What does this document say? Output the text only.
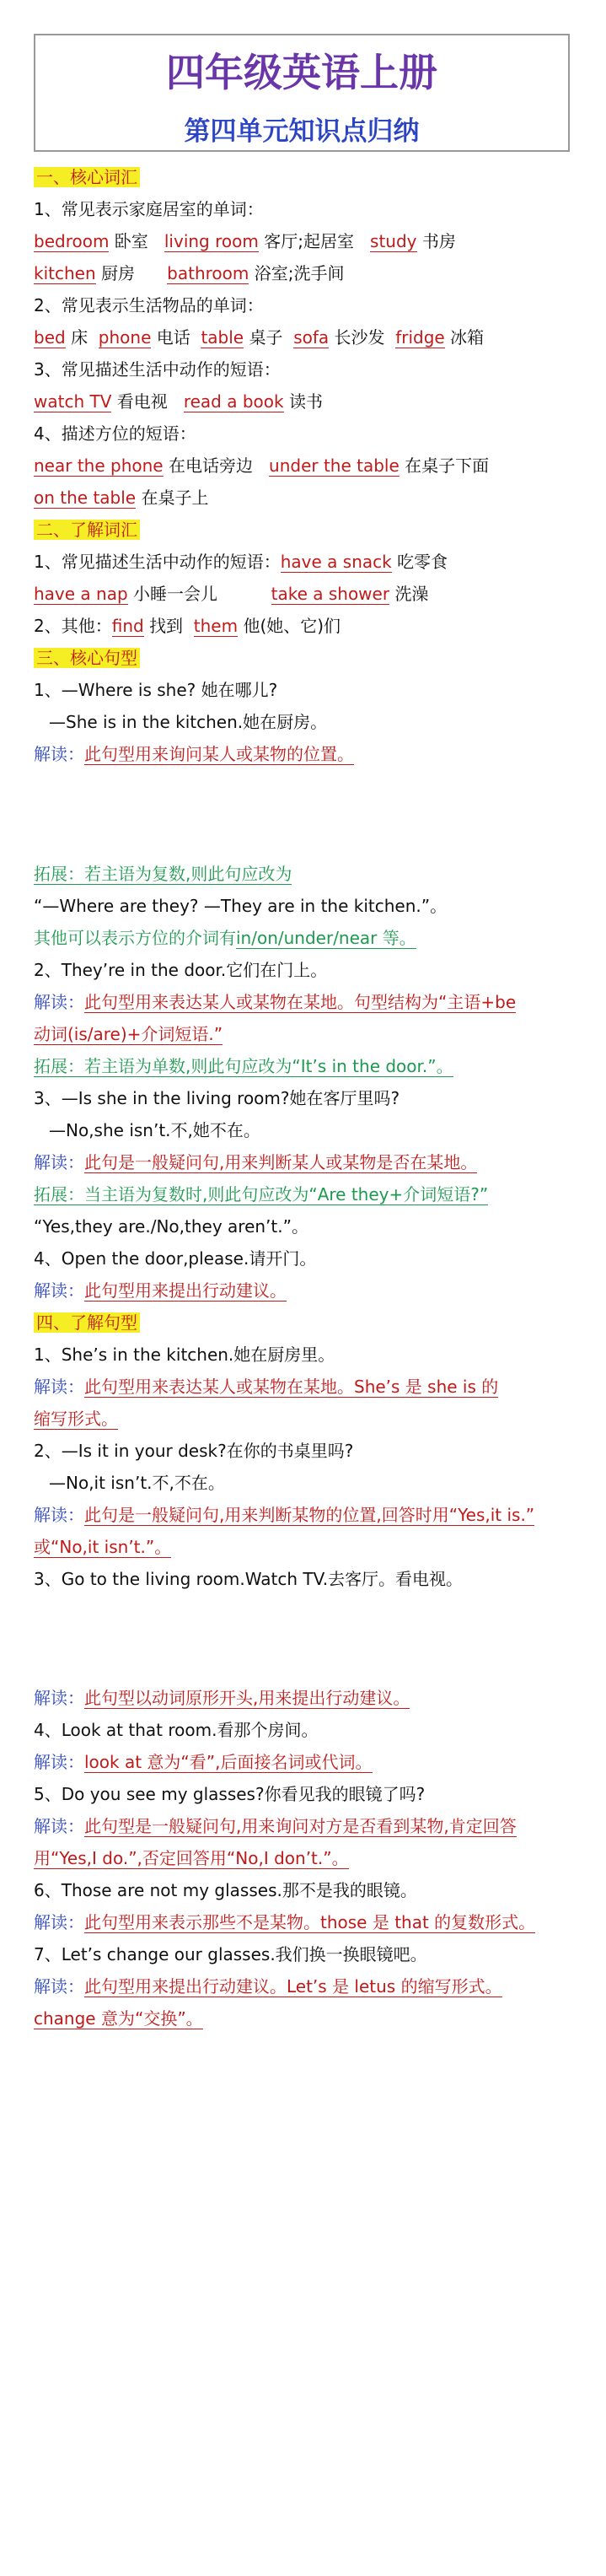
四年级英语上册
第四单元知识点归纳
一、核心词汇
1、常见表示家庭居室的单词：
bedroom 卧室 living room 客厅;起居室 study 书房
kitchen 厨房 bathroom 浴室;洗手间
2、常见表示生活物品的单词：
bed 床 phone 电话 table 桌子 sofa 长沙发 fridge 冰箱
3、常见描述生活中动作的短语：
watch TV 看电视 read a book 读书
4、描述方位的短语：
near the phone 在电话旁边 under the table 在桌子下面
on the table 在桌子上
二、了解词汇
1、常见描述生活中动作的短语：have a snack 吃零食
have a nap 小睡一会儿	take a shower 洗澡
2、其他：find 找到 them 他(她、它)们
三、核心句型
1、—Where is she? 她在哪儿?
—She is in the kitchen.她在厨房。
解读：此句型用来询问某人或某物的位置。
拓展：若主语为复数,则此句应改为
“—Where are they? —They are in the kitchen.”。
其他可以表示方位的介词有in/on/under/near 等。
2、They’re in the door.它们在门上。
解读：此句型用来表达某人或某物在某地。句型结构为“主语+be
动词(is/are)+介词短语.”
拓展：若主语为单数,则此句应改为“It’s in the door.”。
3、—Is she in the living room?她在客厅里吗?
—No,she isn’t.不,她不在。
解读：此句是一般疑问句,用来判断某人或某物是否在某地。
拓展：当主语为复数时,则此句应改为“Are they+介词短语?”
“Yes,they are./No,they aren’t.”。
4、Open the door,please.请开门。
解读：此句型用来提出行动建议。
四、了解句型
1、She’s in the kitchen.她在厨房里。
解读：此句型用来表达某人或某物在某地。She’s 是 she is 的
缩写形式。
2、—Is it in your desk?在你的书桌里吗?
—No,it isn’t.不,不在。
解读：此句是一般疑问句,用来判断某物的位置,回答时用“Yes,it is.”
或“No,it isn’t.”。
3、Go to the living room.Watch TV.去客厅。看电视。
解读：此句型以动词原形开头,用来提出行动建议。
4、Look at that room.看那个房间。
解读：look at 意为“看”,后面接名词或代词。
5、Do you see my glasses?你看见我的眼镜了吗?
解读：此句型是一般疑问句,用来询问对方是否看到某物,肯定回答
用“Yes,I do.”,否定回答用“No,I don’t.”。
6、Those are not my glasses.那不是我的眼镜。
解读：此句型用来表示那些不是某物。those 是 that 的复数形式。
7、Let’s change our glasses.我们换一换眼镜吧。
解读：此句型用来提出行动建议。Let’s 是 letus 的缩写形式。
change 意为“交换”。
